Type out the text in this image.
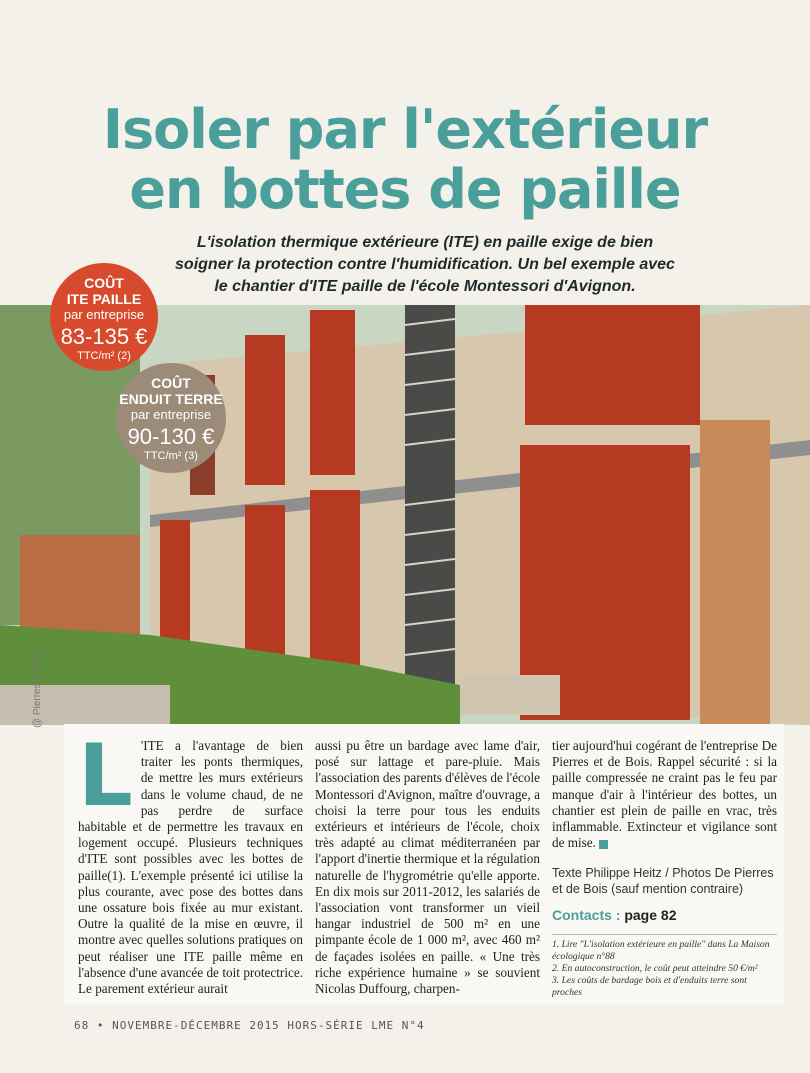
Isoler par l'extérieur
en bottes de paille
L'isolation thermique extérieure (ITE) en paille exige de bien soigner la protection contre l'humidification. Un bel exemple avec le chantier d'ITE paille de l'école Montessori d'Avignon.
COÛT
ITE PAILLE
par entreprise
83-135 €
TTC/m² (2)
COÛT
ENDUIT TERRE
par entreprise
90-130 €
TTC/m² (3)
@ Pierres et Bois
L 'ITE a l'avantage de bien traiter les ponts thermiques, de mettre les murs extérieurs dans le volume chaud, de ne pas perdre de surface habitable et de permettre les travaux en logement occupé. Plusieurs techniques d'ITE sont possibles avec les bottes de paille(1). L'exemple présenté ici utilise la plus courante, avec pose des bottes dans une ossature bois fixée au mur existant. Outre la qualité de la mise en œuvre, il montre avec quelles solutions pratiques on peut réaliser une ITE paille même en l'absence d'une avancée de toit protectrice. Le parement extérieur aurait
aussi pu être un bardage avec lame d'air, posé sur lattage et pare-pluie. Mais l'association des parents d'élèves de l'école Montessori d'Avignon, maître d'ouvrage, a choisi la terre pour tous les enduits extérieurs et intérieurs de l'école, choix très adapté au climat méditerranéen par l'apport d'inertie thermique et la régulation naturelle de l'hygrométrie qu'elle apporte. En dix mois sur 2011-2012, les salariés de l'association vont transformer un vieil hangar industriel de 500 m² en une pimpante école de 1 000 m², avec 460 m² de façades isolées en paille. « Une très riche expérience humaine » se souvient Nicolas Duffourg, charpen-
tier aujourd'hui cogérant de l'entreprise De Pierres et de Bois. Rappel sécurité : si la paille compressée ne craint pas le feu par manque d'air à l'intérieur des bottes, un chantier est plein de paille en vrac, très inflammable. Extincteur et vigilance sont de mise.
Texte Philippe Heitz / Photos De Pierres et de Bois (sauf mention contraire)
Contacts : page 82
1. Lire "L'isolation extérieure en paille" dans La Maison écologique n°88
2. En autoconstruction, le coût peut atteindre 50 €/m²
3. Les coûts de bardage bois et d'enduits terre sont proches
68 • NOVEMBRE-DÉCEMBRE 2015 HORS-SÉRIE LME N°4
